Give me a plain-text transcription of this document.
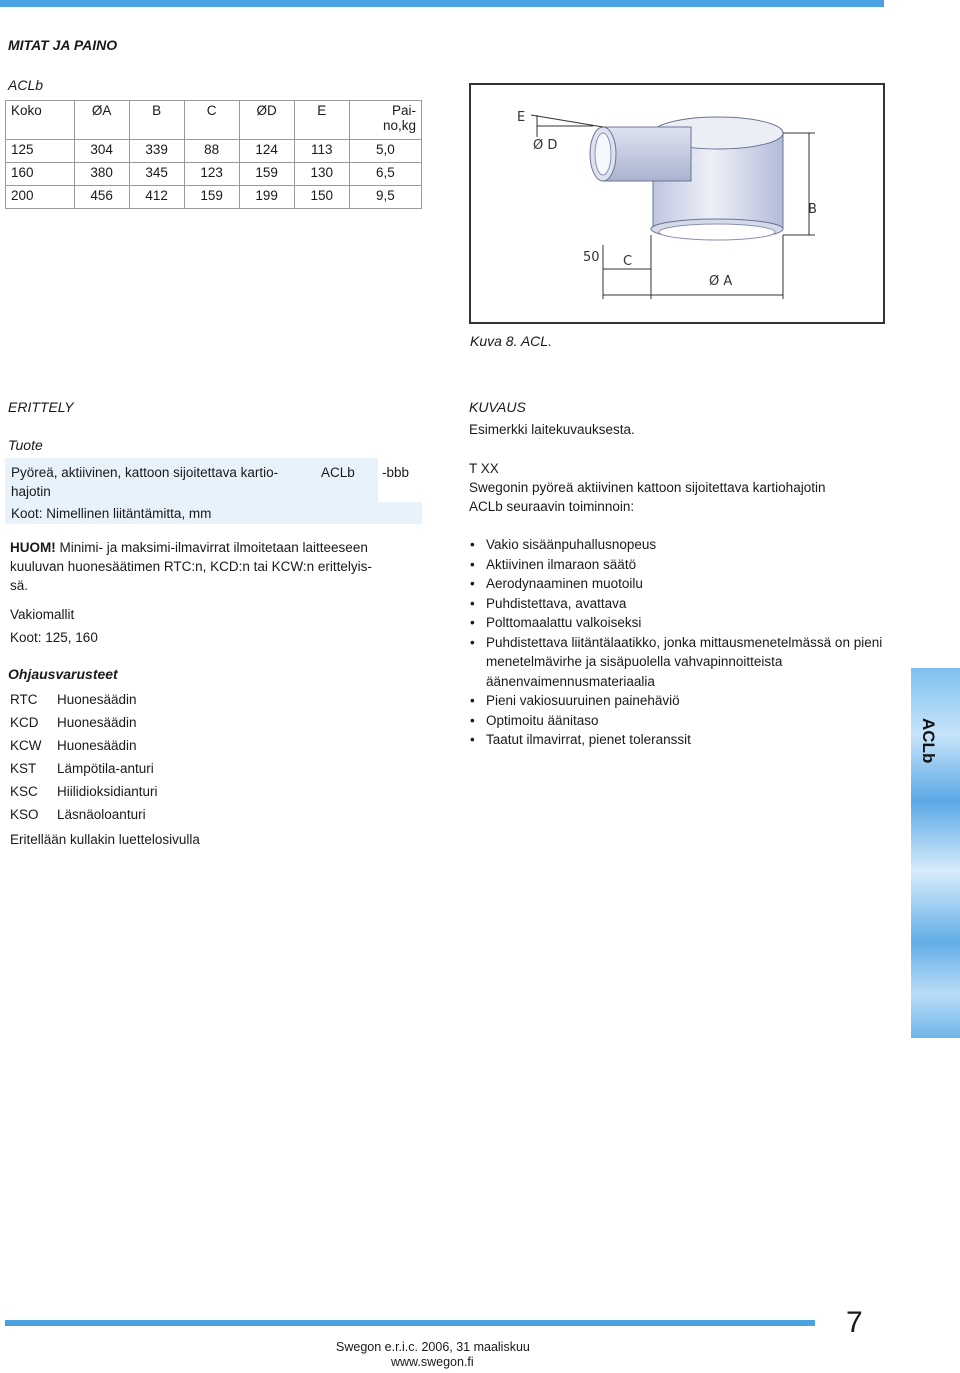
MITAT JA PAINO
ACLb
Koko	ØA	B	C	ØD	E	Pai-
no,kg

125	304	339	88	124	113	5,0
160	380	345	123	159	130	6,5
200	456	412	159	199	150	9,5
E
Ø D
B
50 C
Ø A
Kuva 8. ACL.
ERITTELY
Tuote
Pyöreä, aktiivinen, kattoon sijoitettava kartio-
hajotin
ACLb -bbb
Koot: Nimellinen liitäntämitta, mm
HUOM! Minimi- ja maksimi-ilmavirrat ilmoitetaan laitteeseen
kuuluvan huonesäätimen RTC:n, KCD:n tai KCW:n erittelyis-
sä.
Vakiomallit
Koot: 125, 160
Ohjausvarusteet
RTC Huonesäädin
KCD Huonesäädin
KCW Huonesäädin
KST Lämpötila-anturi
KSC Hiilidioksidianturi
KSO Läsnäoloanturi
Eritellään kullakin luettelosivulla
KUVAUS
Esimerkki laitekuvauksesta.
T XX
Swegonin pyöreä aktiivinen kattoon sijoitettava kartiohajotin
ACLb seuraavin toiminnoin:
• Vakio sisäänpuhallusnopeus
• Aktiivinen ilmaraon säätö
• Aerodynaaminen muotoilu
• Puhdistettava, avattava
• Polttomaalattu valkoiseksi
• Puhdistettava liitäntälaatikko, jonka mittausmenetelmässä on pieni menetelmävirhe ja sisäpuolella vahvapinnoitteista äänenvaimennusmateriaalia
• Pieni vakiosuuruinen painehäviö
• Optimoitu äänitaso
• Taatut ilmavirrat, pienet toleranssit	ACLb
7
Swegon e.r.i.c. 2006, 31 maaliskuu
www.swegon.fi
